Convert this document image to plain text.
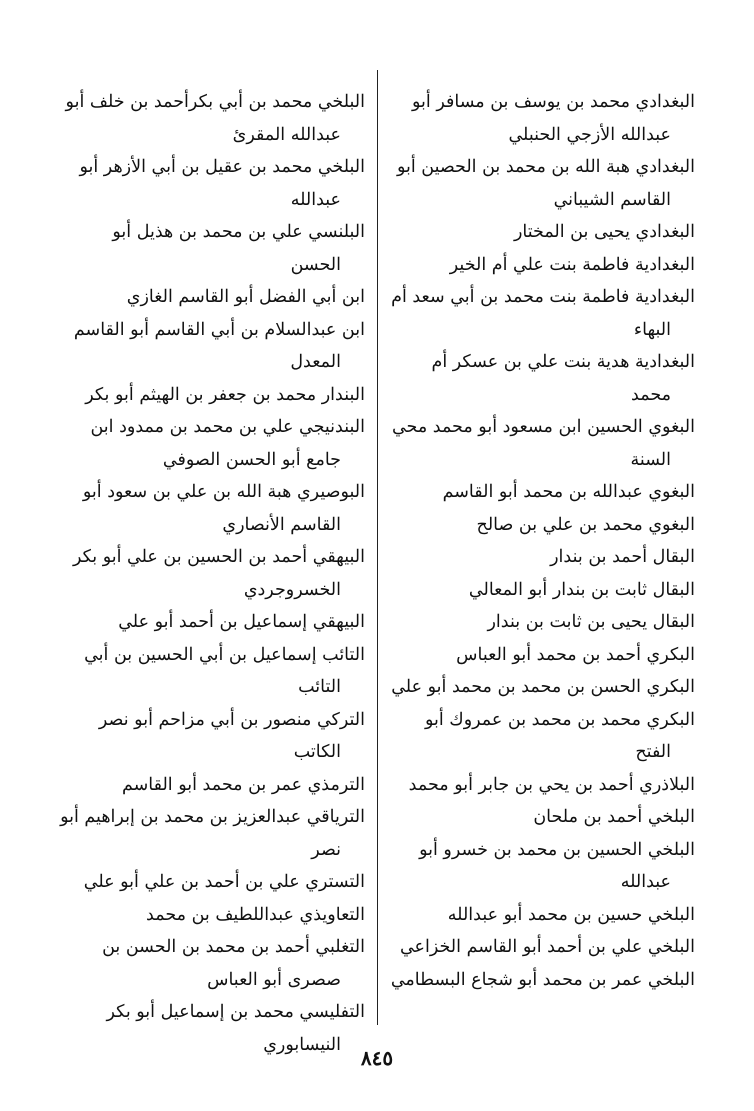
البغدادي محمد بن يوسف بن مسافر أبو عبدالله الأزجي الحنبلي

البغدادي هبة الله بن محمد بن الحصين أبو القاسم الشيباني

البغدادي يحيى بن المختار

البغدادية فاطمة بنت علي أم الخير

البغدادية فاطمة بنت محمد بن أبي سعد أم البهاء

البغدادية هدية بنت علي بن عسكر أم محمد

البغوي الحسين ابن مسعود أبو محمد محي السنة

البغوي عبدالله بن محمد أبو القاسم

البغوي محمد بن علي بن صالح

البقال أحمد بن بندار

البقال ثابت بن بندار أبو المعالي

البقال يحيى بن ثابت بن بندار

البكري أحمد بن محمد أبو العباس

البكري الحسن بن محمد بن محمد أبو علي

البكري محمد بن محمد بن عمروك أبو الفتح

البلاذري أحمد بن يحي بن جابر أبو محمد

البلخي أحمد بن ملحان

البلخي الحسين بن محمد بن خسرو أبو عبدالله

البلخي حسين بن محمد أبو عبدالله

البلخي علي بن أحمد أبو القاسم الخزاعي

البلخي عمر بن محمد أبو شجاع البسطامي

البلخي محمد بن أبي بكرأحمد بن خلف أبو عبدالله المقرئ

البلخي محمد بن عقيل بن أبي الأزهر أبو عبدالله

البلنسي علي بن محمد بن هذيل أبو الحسن

ابن أبي الفضل أبو القاسم الغازي

ابن عبدالسلام بن أبي القاسم أبو القاسم المعدل

البندار محمد بن جعفر بن الهيثم أبو بكر

البندنيجي علي بن محمد بن ممدود ابن جامع أبو الحسن الصوفي

البوصيري هبة الله بن علي بن سعود أبو القاسم الأنصاري

البيهقي أحمد بن الحسين بن علي أبو بكر الخسروجردي

البيهقي إسماعيل بن أحمد أبو علي

التائب إسماعيل بن أبي الحسين بن أبي التائب

التركي منصور بن أبي مزاحم أبو نصر الكاتب

الترمذي عمر بن محمد أبو القاسم

الترياقي عبدالعزيز بن محمد بن إبراهيم أبو نصر

التستري علي بن أحمد بن علي أبو علي

التعاويذي عبداللطيف بن محمد

التغلبي أحمد بن محمد بن الحسن بن صصرى أبو العباس

التفليسي محمد بن إسماعيل أبو بكر النيسابوري

٨٤٥
